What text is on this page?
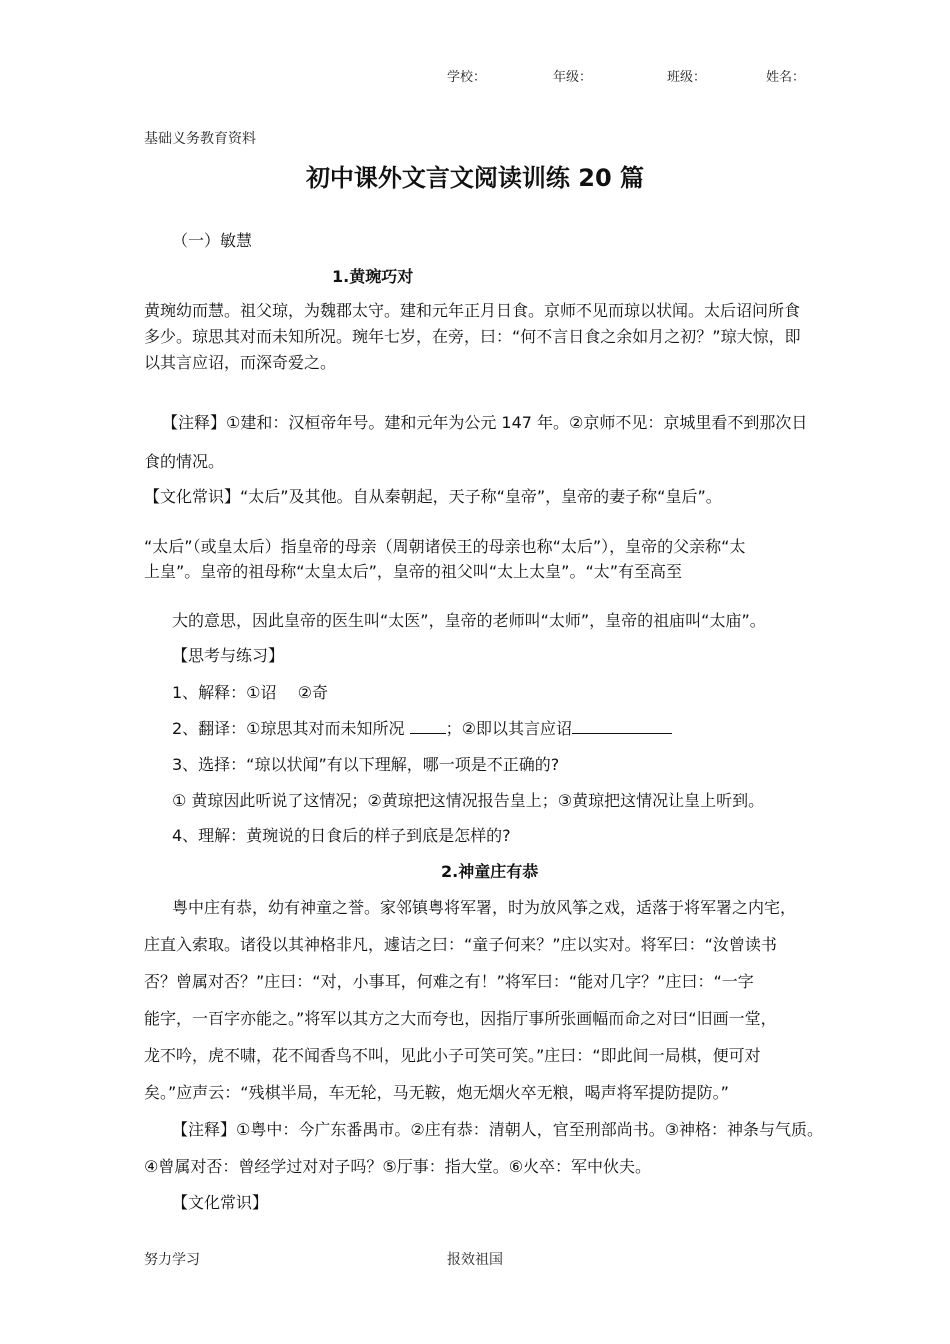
学校：	年级：	班级：	姓名：
基础义务教育资料
初中课外文言文阅读训练 20 篇
（一）敏慧
1.黄琬巧对
黄琬幼而慧。祖父琼，为魏郡太守。建和元年正月日食。京师不见而琼以状闻。太后诏问所食
多少。琼思其对而未知所况。琬年七岁，在旁，曰：“何不言日食之余如月之初？”琼大惊，即
以其言应诏，而深奇爱之。
【注释】①建和：汉桓帝年号。建和元年为公元 147 年。②京师不见：京城里看不到那次日
食的情况。
【文化常识】“太后”及其他。自从秦朝起，天子称“皇帝”，皇帝的妻子称“皇后”。
“太后”（或皇太后）指皇帝的母亲（周朝诸侯王的母亲也称“太后”），皇帝的父亲称“太
上皇”。皇帝的祖母称“太皇太后”，皇帝的祖父叫“太上太皇”。“太”有至高至
大的意思，因此皇帝的医生叫“太医”，皇帝的老师叫“太师”，皇帝的祖庙叫“太庙”。
【思考与练习】
1、解释：①诏　 ②奇
2、翻译：①琼思其对而未知所况 ；②即以其言应诏
3、选择：“琼以状闻”有以下理解，哪一项是不正确的?
① 黄琼因此听说了这情况；②黄琼把这情况报告皇上；③黄琼把这情况让皇上听到。
4、理解：黄琬说的日食后的样子到底是怎样的?
2.神童庄有恭
粤中庄有恭，幼有神童之誉。家邻镇粤将军署，时为放风筝之戏，适落于将军署之内宅，
庄直入索取。诸役以其神格非凡，遽诘之曰：“童子何来？”庄以实对。将军曰：“汝曾读书
否？曾属对否？”庄曰：“对，小事耳，何难之有！”将军曰：“能对几字？”庄曰：“一字
能字，一百字亦能之。”将军以其方之大而夸也，因指厅事所张画幅而命之对曰“旧画一堂，
龙不吟，虎不啸，花不闻香鸟不叫，见此小子可笑可笑。”庄曰：“即此间一局棋，便可对
矣。”应声云：“残棋半局，车无轮，马无鞍，炮无烟火卒无粮，喝声将军提防提防。”
【注释】①粤中：今广东番禺市。②庄有恭：清朝人，官至刑部尚书。③神格：神条与气质。
④曾属对否：曾经学过对对子吗？⑤厅事：指大堂。⑥火卒：军中伙夫。
【文化常识】
努力学习	报效祖国
